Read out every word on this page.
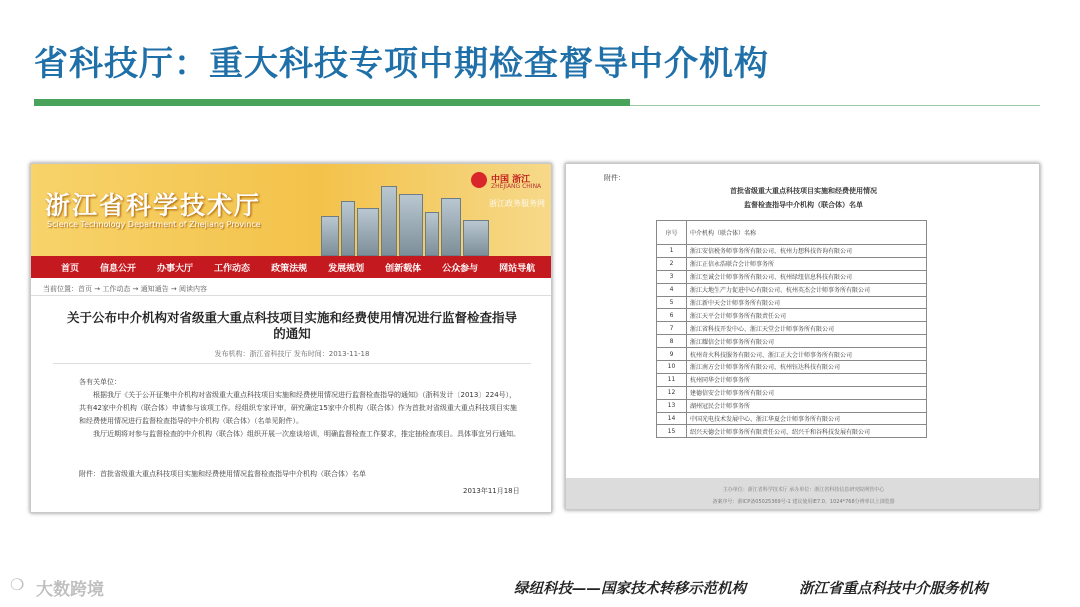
省科技厅：重大科技专项中期检查督导中介机构
浙江省科学技术厅
Science Technology Department of Zhejiang Province
中国 浙江
ZHEJIANG CHINA
浙江政务服务网
首页 信息公开 办事大厅 工作动态 政策法规 发展规划 创新载体 公众参与 网站导航
当前位置：首页 → 工作动态 → 通知通告 → 阅读内容
关于公布中介机构对省级重大重点科技项目实施和经费使用情况进行监督检查指导的通知
发布机构：浙江省科技厅 发布时间：2013-11-18

各有关单位：

根据我厅《关于公开征集中介机构对省级重大重点科技项目实施和经费使用情况进行监督检查指导的通知》（浙科发计〔2013〕224号），共有42家中介机构（联合体）申请参与该项工作。经组织专家评审，研究确定15家中介机构（联合体）作为首批对省级重大重点科技项目实施和经费使用情况进行监督检查指导的中介机构（联合体）（名单见附件）。

我厅近期将对参与监督检查的中介机构（联合体）组织开展一次座谈培训，明确监督检查工作要求，推定抽检查项目。具体事宜另行通知。

附件：首批省级重大重点科技项目实施和经费使用情况监督检查指导中介机构（联合体）名单
2013年11月18日
附件：
首批省级重大重点科技项目实施和经费使用情况
监督检查指导中介机构（联合体）名单
序号	中介机构（联合体）名称
1	浙江安信税务师事务所有限公司、杭州力想科技咨询有限公司
2	浙江正信永浩联合会计师事务所
3	浙江至诚会计师事务所有限公司、杭州绿纽信息科技有限公司
4	浙江大地生产力促进中心有限公司、杭州英杰会计师事务所有限公司
5	浙江新中天会计师事务所有限公司
6	浙江天平会计师事务所有限责任公司
7	浙江省科技开发中心、浙江天堂会计师事务所有限公司
8	浙江耀信会计师事务所有限公司
9	杭州奇火科技服务有限公司、浙江正大会计师事务所有限公司
10	浙江南方会计师事务所有限公司、杭州钰达科技有限公司
11	杭州同华会计师事务所
12	建德信安会计师事务所有限公司
13	湖州冠民会计师事务所
14	中国光电技术发展中心、浙江华夏会计师事务所有限公司
15	绍兴天德会计师事务所有限责任公司、绍兴千和谷科技发展有限公司
主办单位：浙江省科学技术厅 承办单位：浙江省科技信息研究院网管中心
备案序号：浙ICP备05025369号-1 建议使用IE7.0、1024*768分辨率以上浏览器
❍ 大数跨境	绿纽科技——国家技术转移示范机构	浙江省重点科技中介服务机构
